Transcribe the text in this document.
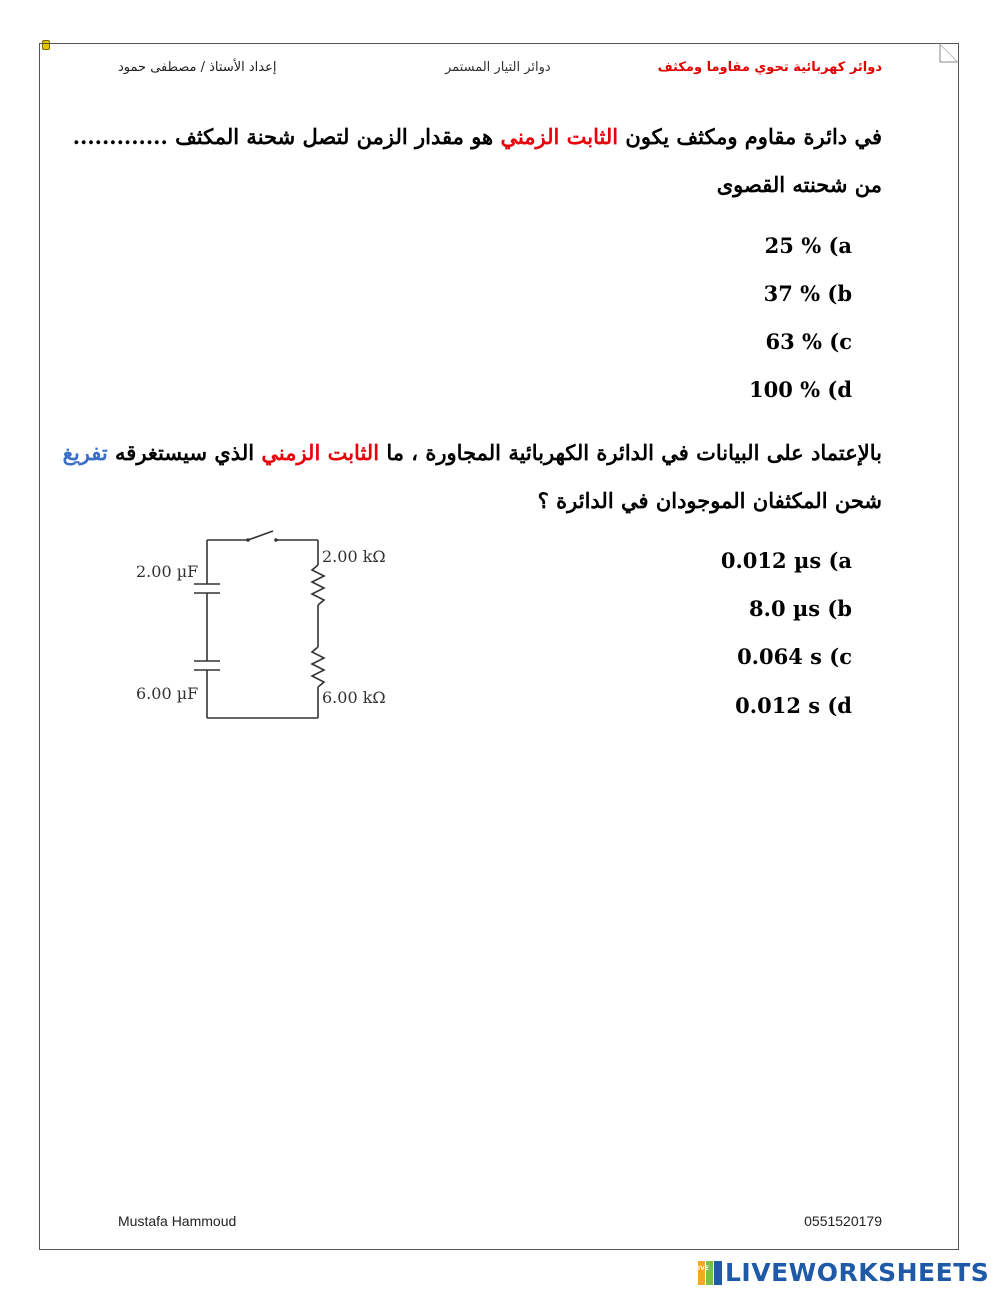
دوائر كهربائية تحوي مقاوما ومكثف
دوائر التيار المستمر
إعداد الأستاذ / مصطفى حمود
في دائرة مقاوم ومكثف يكون الثابت الزمني هو مقدار الزمن لتصل شحنة المكثف .............
من شحنته القصوى
25 % (a
37 % (b
63 % (c
100 % (d
بالإعتماد على البيانات في الدائرة الكهربائية المجاورة ، ما الثابت الزمني الذي سيستغرقه تفريغ
شحن المكثفان الموجودان في الدائرة ؟
0.012 µs (a
8.0 µs (b
0.064 s (c
0.012 s (d
2.00 µF
6.00 µF
2.00 kΩ
6.00 kΩ
Mustafa Hammoud	0551520179
LIVE LIVEWORKSHEETS
